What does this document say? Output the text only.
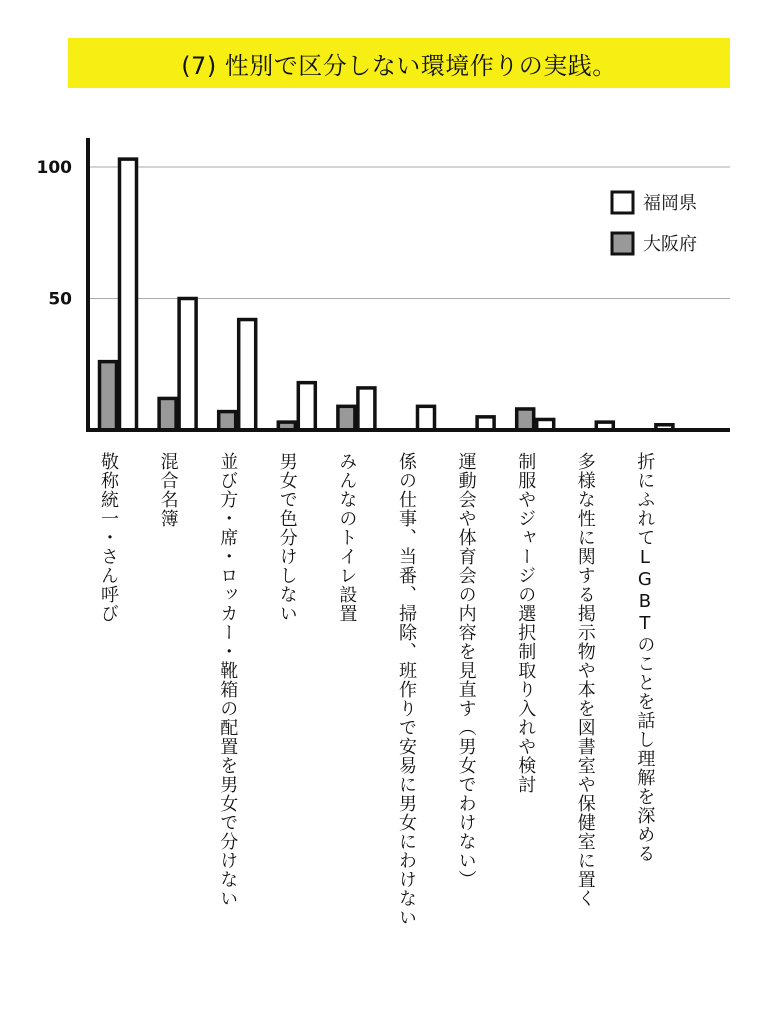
(7) 性別で区分しない環境作りの実践。
50
100
福岡県
大阪府
敬称統一・さん呼び 混合名簿 並び方・席・ロッカー・靴箱の配置を男女で分けない 男女で色分けしない みんなのトイレ設置 係の仕事、当番、掃除、班作りで安易に男女にわけない 運動会や体育会の内容を見直す（男女でわけない） 制服やジャージの選択制取り入れや検討 多様な性に関する掲示物や本を図書室や保健室に置く 折にふれてLGBTのことを話し理解を深める
